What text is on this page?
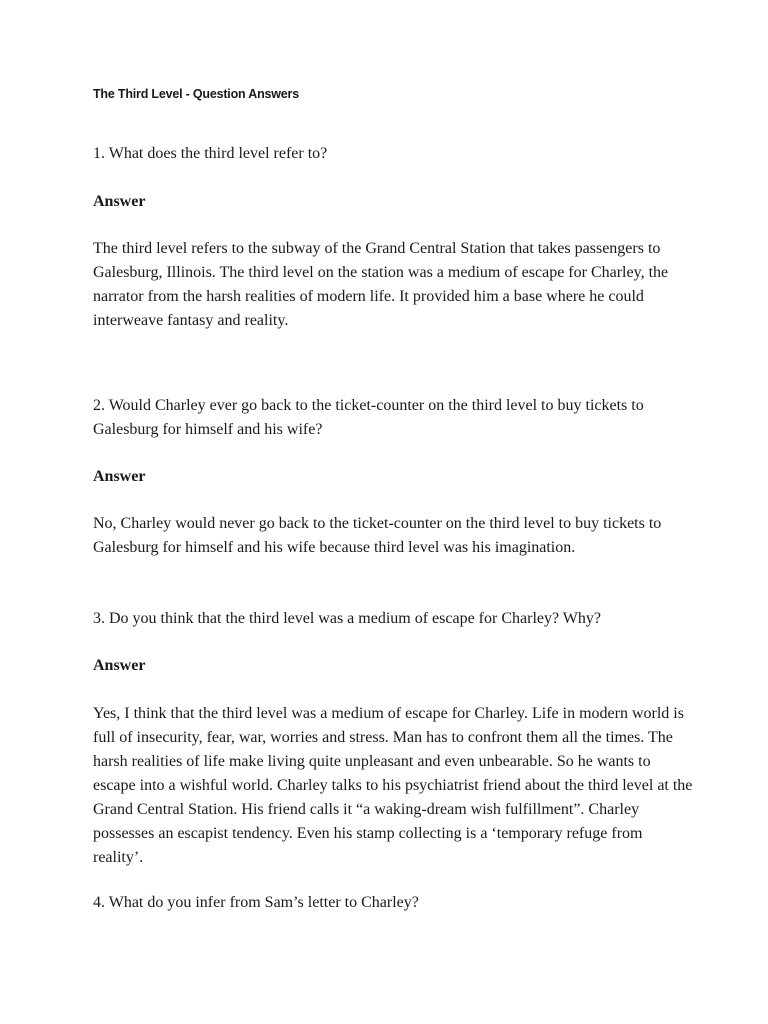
The Third Level - Question Answers

1. What does the third level refer to?

Answer

The third level refers to the subway of the Grand Central Station that takes passengers to Galesburg, Illinois. The third level on the station was a medium of escape for Charley, the narrator from the harsh realities of modern life. It provided him a base where he could interweave fantasy and reality.

2. Would Charley ever go back to the ticket-counter on the third level to buy tickets to Galesburg for himself and his wife?

Answer

No, Charley would never go back to the ticket-counter on the third level to buy tickets to Galesburg for himself and his wife because third level was his imagination.

3. Do you think that the third level was a medium of escape for Charley? Why?

Answer

Yes, I think that the third level was a medium of escape for Charley. Life in modern world is full of insecurity, fear, war, worries and stress. Man has to confront them all the times. The harsh realities of life make living quite unpleasant and even unbearable. So he wants to escape into a wishful world. Charley talks to his psychiatrist friend about the third level at the Grand Central Station. His friend calls it “a waking-dream wish fulfillment”. Charley possesses an escapist tendency. Even his stamp collecting is a ‘temporary refuge from reality’.

4. What do you infer from Sam’s letter to Charley?
